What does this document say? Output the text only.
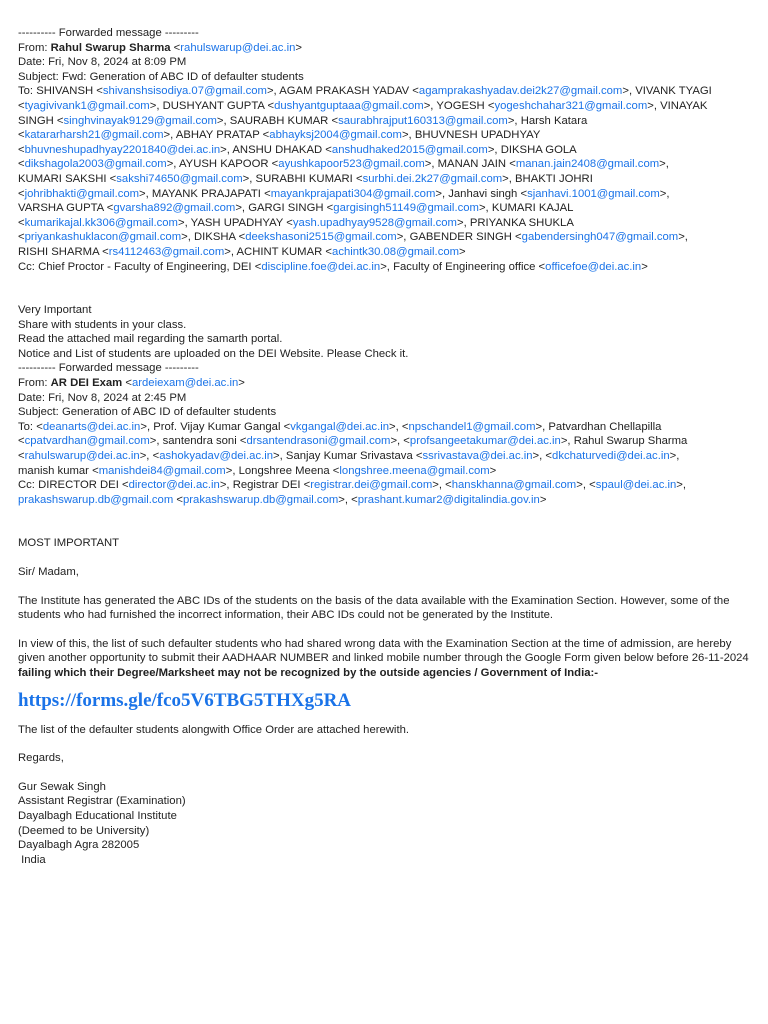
---------- Forwarded message ---------
From: Rahul Swarup Sharma <rahulswarup@dei.ac.in>
Date: Fri, Nov 8, 2024 at 8:09 PM
Subject: Fwd: Generation of ABC ID of defaulter students
To: SHIVANSH <shivanshsisodiya.07@gmail.com>, AGAM PRAKASH YADAV <agamprakashyadav.dei2k27@gmail.com>, VIVANK TYAGI
<tyagivivank1@gmail.com>, DUSHYANT GUPTA <dushyantguptaaa@gmail.com>, YOGESH <yogeshchahar321@gmail.com>, VINAYAK
SINGH <singhvinayak9129@gmail.com>, SAURABH KUMAR <saurabhrajput160313@gmail.com>, Harsh Katara
<katararharsh21@gmail.com>, ABHAY PRATAP <abhayksj2004@gmail.com>, BHUVNESH UPADHYAY
<bhuvneshupadhyay2201840@dei.ac.in>, ANSHU DHAKAD <anshudhaked2015@gmail.com>, DIKSHA GOLA
<dikshagola2003@gmail.com>, AYUSH KAPOOR <ayushkapoor523@gmail.com>, MANAN JAIN <manan.jain2408@gmail.com>,
KUMARI SAKSHI <sakshi74650@gmail.com>, SURABHI KUMARI <surbhi.dei.2k27@gmail.com>, BHAKTI JOHRI
<johribhakti@gmail.com>, MAYANK PRAJAPATI <mayankprajapati304@gmail.com>, Janhavi singh <sjanhavi.1001@gmail.com>,
VARSHA GUPTA <gvarsha892@gmail.com>, GARGI SINGH <gargisingh51149@gmail.com>, KUMARI KAJAL
<kumarikajal.kk306@gmail.com>, YASH UPADHYAY <yash.upadhyay9528@gmail.com>, PRIYANKA SHUKLA
<priyankashuklacon@gmail.com>, DIKSHA <deekshasoni2515@gmail.com>, GABENDER SINGH <gabendersingh047@gmail.com>,
RISHI SHARMA <rs4112463@gmail.com>, ACHINT KUMAR <achintk30.08@gmail.com>
Cc: Chief Proctor - Faculty of Engineering, DEI <discipline.foe@dei.ac.in>, Faculty of Engineering office <officefoe@dei.ac.in>
Very Important
Share with students in your class.
Read the attached mail regarding the samarth portal.
Notice and List of students are uploaded on the DEI Website. Please Check it.
---------- Forwarded message ---------
From: AR DEI Exam <ardeiexam@dei.ac.in>
Date: Fri, Nov 8, 2024 at 2:45 PM
Subject: Generation of ABC ID of defaulter students
To: <deanarts@dei.ac.in>, Prof. Vijay Kumar Gangal <vkgangal@dei.ac.in>, <npschandel1@gmail.com>, Patvardhan Chellapilla
<cpatvardhan@gmail.com>, santendra soni <drsantendrasoni@gmail.com>, <profsangeetakumar@dei.ac.in>, Rahul Swarup Sharma
<rahulswarup@dei.ac.in>, <ashokyadav@dei.ac.in>, Sanjay Kumar Srivastava <ssrivastava@dei.ac.in>, <dkchaturvedi@dei.ac.in>,
manish kumar <manishdei84@gmail.com>, Longshree Meena <longshree.meena@gmail.com>
Cc: DIRECTOR DEI <director@dei.ac.in>, Registrar DEI <registrar.dei@gmail.com>, <hanskhanna@gmail.com>, <spaul@dei.ac.in>,
prakashswarup.db@gmail.com <prakashswarup.db@gmail.com>, <prashant.kumar2@digitalindia.gov.in>
MOST IMPORTANT
Sir/ Madam,
The Institute has generated the ABC IDs of the students on the basis of the data available with the Examination Section. However, some of the students who had furnished the incorrect information, their ABC IDs could not be generated by the Institute.
In view of this, the list of such defaulter students who had shared wrong data with the Examination Section at the time of admission, are hereby given another opportunity to submit their AADHAAR NUMBER and linked mobile number through the Google Form given below before 26-11-2024 failing which their Degree/Marksheet may not be recognized by the outside agencies / Government of India:-
https://forms.gle/fco5V6TBG5THXg5RA
The list of the defaulter students alongwith Office Order are attached herewith.
Regards,
Gur Sewak Singh
Assistant Registrar (Examination)
Dayalbagh Educational Institute
(Deemed to be University)
Dayalbagh Agra 282005
India
